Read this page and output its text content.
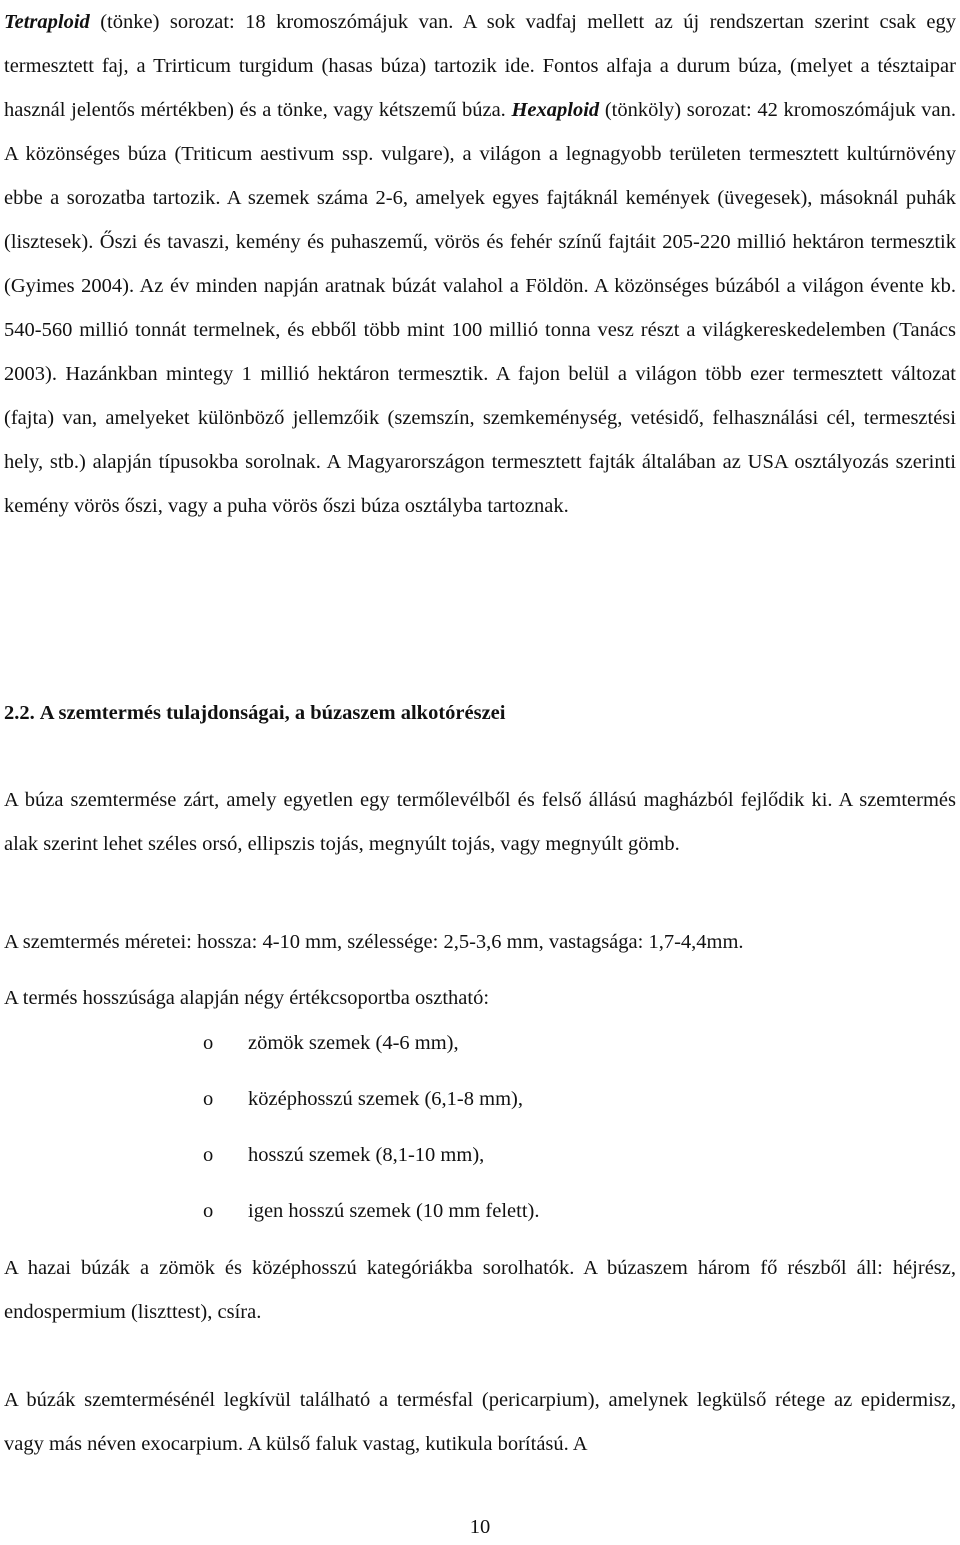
Tetraploid (tönke) sorozat: 18 kromoszómájuk van. A sok vadfaj mellett az új rendszertan szerint csak egy termesztett faj, a Trirticum turgidum (hasas búza) tartozik ide. Fontos alfaja a durum búza, (melyet a tésztaipar használ jelentős mértékben) és a tönke, vagy kétszemű búza. Hexaploid (tönköly) sorozat: 42 kromoszómájuk van. A közönséges búza (Triticum aestivum ssp. vulgare), a világon a legnagyobb területen termesztett kultúrnövény ebbe a sorozatba tartozik. A szemek száma 2-6, amelyek egyes fajtáknál kemények (üvegesek), másoknál puhák (lisztesek). Őszi és tavaszi, kemény és puhaszemű, vörös és fehér színű fajtáit 205-220 millió hektáron termesztik (Gyimes 2004). Az év minden napján aratnak búzát valahol a Földön. A közönséges búzából a világon évente kb. 540-560 millió tonnát termelnek, és ebből több mint 100 millió tonna vesz részt a világkereskedelemben (Tanács 2003). Hazánkban mintegy 1 millió hektáron termesztik. A fajon belül a világon több ezer termesztett változat (fajta) van, amelyeket különböző jellemzőik (szemszín, szemkeménység, vetésidő, felhasználási cél, termesztési hely, stb.) alapján típusokba sorolnak. A Magyarországon termesztett fajták általában az USA osztályozás szerinti kemény vörös őszi, vagy a puha vörös őszi búza osztályba tartoznak.

2.2. A szemtermés tulajdonságai, a búzaszem alkotórészei

A búza szemtermése zárt, amely egyetlen egy termőlevélből és felső állású magházból fejlődik ki. A szemtermés alak szerint lehet széles orsó, ellipszis tojás, megnyúlt tojás, vagy megnyúlt gömb.

A szemtermés méretei: hossza: 4-10 mm, szélessége: 2,5-3,6 mm, vastagsága: 1,7-4,4mm.

A termés hosszúsága alapján négy értékcsoportba osztható:

o zömök szemek (4-6 mm),
o középhosszú szemek (6,1-8 mm),
o hosszú szemek (8,1-10 mm),
o igen hosszú szemek (10 mm felett).

A hazai búzák a zömök és középhosszú kategóriákba sorolhatók. A búzaszem három fő részből áll: héjrész, endospermium (liszttest), csíra.

A búzák szemtermésénél legkívül található a termésfal (pericarpium), amelynek legkülső rétege az epidermisz, vagy más néven exocarpium. A külső faluk vastag, kutikula borítású. A

10
